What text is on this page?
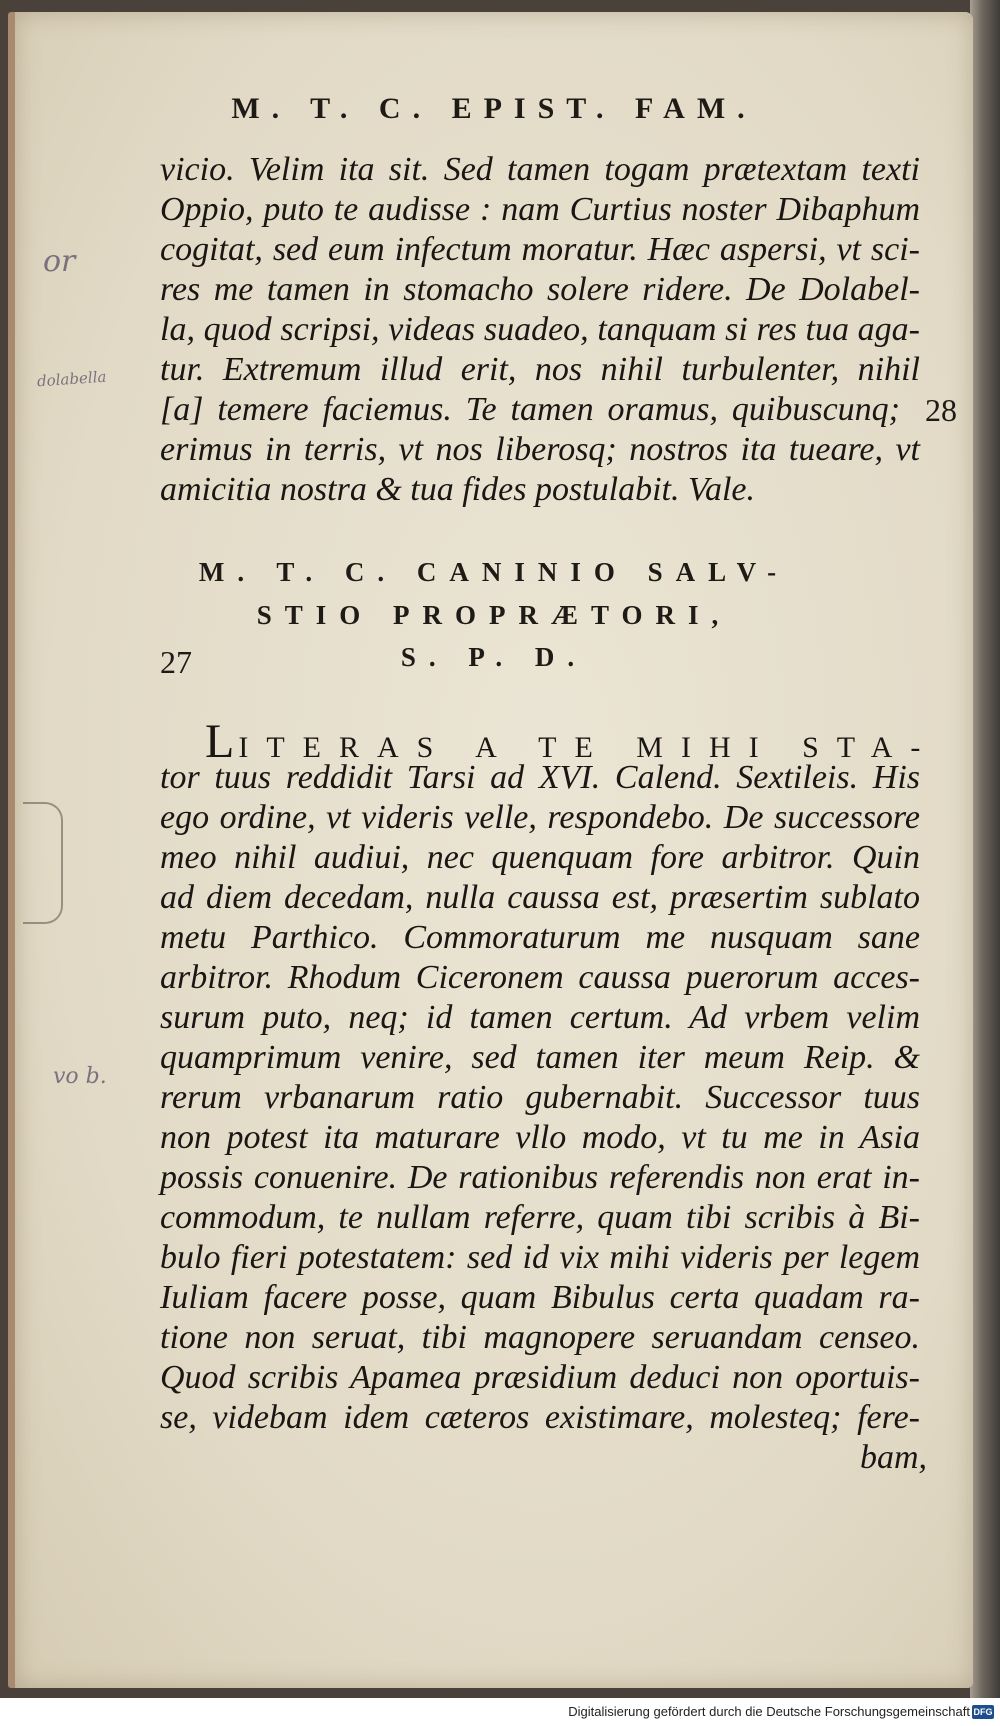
M. T. C. EPIST. FAM.

vicio. Velim ita sit. Sed tamen togam prætextam texti

Oppio, puto te audisse : nam Curtius noster Dibaphum

cogitat, sed eum infectum moratur. Hæc aspersi, vt sci-

res me tamen in stomacho solere ridere. De Dolabel-

la, quod scripsi, videas suadeo, tanquam si res tua aga-

tur. Extremum illud erit, nos nihil turbulenter, nihil

[a] temere faciemus. Te tamen oramus, quibuscunq;

erimus in terris, vt nos liberosq; nostros ita tueare, vt

amicitia nostra & tua fides postulabit. Vale.

28
M. T. C. CANINIO SALV-
STIO PROPRÆTORI,
S. P. D.
27
LITERAS A TE MIHI STA-

tor tuus reddidit Tarsi ad XVI. Calend. Sextileis. His

ego ordine, vt videris velle, respondebo. De successore

meo nihil audiui, nec quenquam fore arbitror. Quin

ad diem decedam, nulla caussa est, præsertim sublato

metu Parthico. Commoraturum me nusquam sane

arbitror. Rhodum Ciceronem caussa puerorum acces-

surum puto, neq; id tamen certum. Ad vrbem velim

quamprimum venire, sed tamen iter meum Reip. &

rerum vrbanarum ratio gubernabit. Successor tuus

non potest ita maturare vllo modo, vt tu me in Asia

possis conuenire. De rationibus referendis non erat in-

commodum, te nullam referre, quam tibi scribis à Bi-

bulo fieri potestatem: sed id vix mihi videris per legem

Iuliam facere posse, quam Bibulus certa quadam ra-

tione non seruat, tibi magnopere seruandam censeo.

Quod scribis Apamea præsidium deduci non oportuis-

se, videbam idem cæteros existimare, molesteq; fere-

bam,

or
dolabella
vo b.
Digitalisierung gefördert durch die Deutsche Forschungsgemeinschaft DFG
